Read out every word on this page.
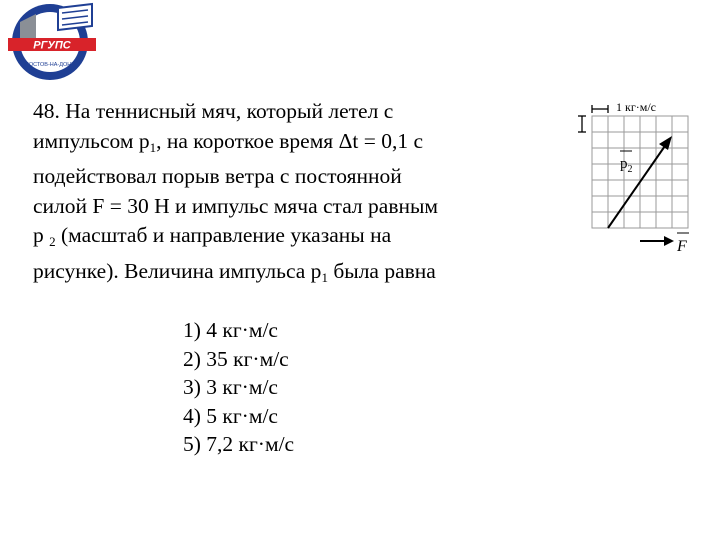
РГУПС
РОСТОВ-НА-ДОНУ
48. На теннисный мяч, который летел с
импульсом $p_1$, на короткое время Δt = 0,1 с
подействовал порыв ветра с постоянной
силой F = 30 Н и импульс мяча стал равным
p $_2$ (масштаб и направление указаны на
рисунке). Величина импульса $p_1$ была равна
1 кг·м/с
$p_2$
F
1) 4 кг·м/с
2) 35 кг·м/с
3) 3 кг·м/с
4) 5 кг·м/с
5) 7,2 кг·м/с
